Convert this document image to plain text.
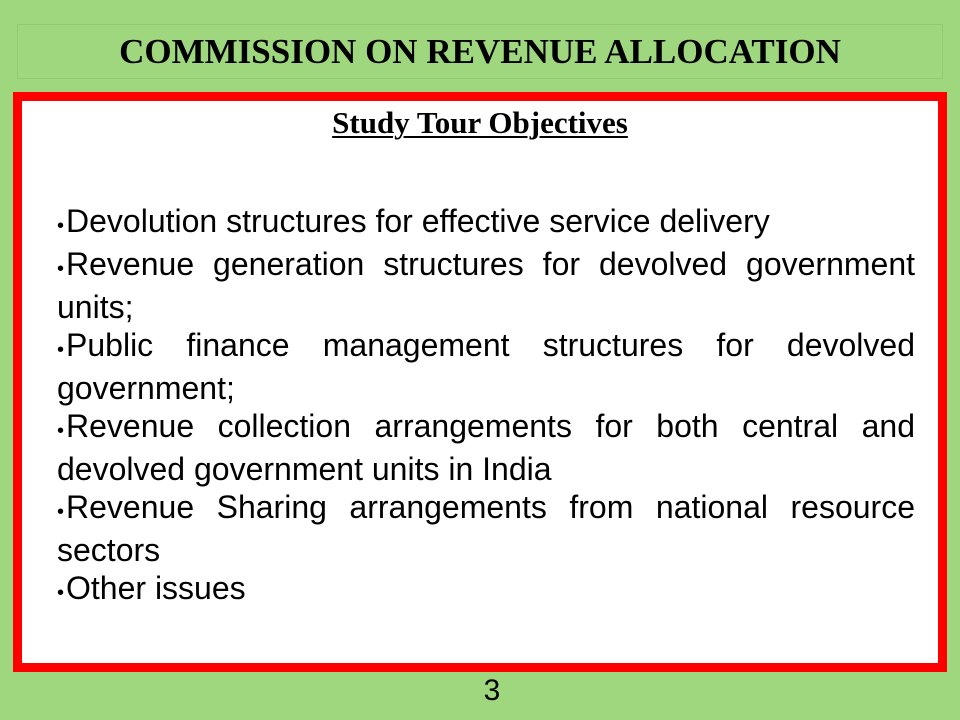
COMMISSION ON REVENUE ALLOCATION
Study Tour Objectives

•Devolution structures for effective service delivery

•Revenue generation structures for devolved government units;

•Public finance management structures for devolved government;

•Revenue collection arrangements for both central and devolved government units in India

•Revenue Sharing arrangements from national resource sectors

•Other issues

3
